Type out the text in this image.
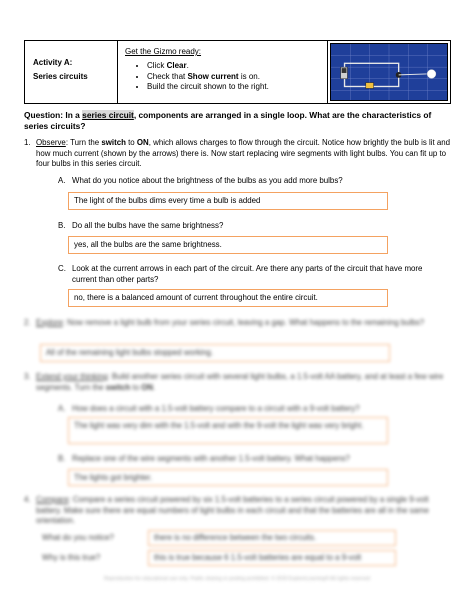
Activity A:
Series circuits
Get the Gizmo ready:
• Click Clear.
• Check that Show current is on.
• Build the circuit shown to the right.
Question: In a series circuit, components are arranged in a single loop. What are the characteristics of series circuits?
1. Observe: Turn the switch to ON, which allows charges to flow through the circuit. Notice how brightly the bulb is lit and how much current (shown by the arrows) there is. Now start replacing wire segments with light bulbs. You can fit up to four bulbs in this series circuit.
A. What do you notice about the brightness of the bulbs as you add more bulbs?
The light of the bulbs dims every time a bulb is added
B. Do all the bulbs have the same brightness?
yes, all the bulbs are the same brightness.
C. Look at the current arrows in each part of the circuit. Are there any parts of the circuit that have more current than other parts?
no, there is a balanced amount of current throughout the entire circuit.
2. Explore: Now remove a light bulb from your series circuit, leaving a gap. What happens to the remaining bulbs?
All of the remaining light bulbs stopped working.
3. Extend your thinking: Build another series circuit with several light bulbs, a 1.5-volt AA battery, and at least a few wire segments. Turn the switch to ON.
A. How does a circuit with a 1.5-volt battery compare to a circuit with a 9-volt battery?
The light was very dim with the 1.5-volt and with the 9-volt the light was very bright.
B. Replace one of the wire segments with another 1.5-volt battery. What happens?
The lights got brighter.
4. Compare: Compare a series circuit powered by six 1.5-volt batteries to a series circuit powered by a single 9-volt battery. Make sure there are equal numbers of light bulbs in each circuit and that the batteries are all in the same orientation.
What do you notice?	there is no difference between the two circuits.
Why is this true?	this is true because 6 1.5-volt batteries are equal to a 9-volt
Reproduction for educational use only. Public sharing or posting prohibited. © 2020 ExploreLearning® All rights reserved
